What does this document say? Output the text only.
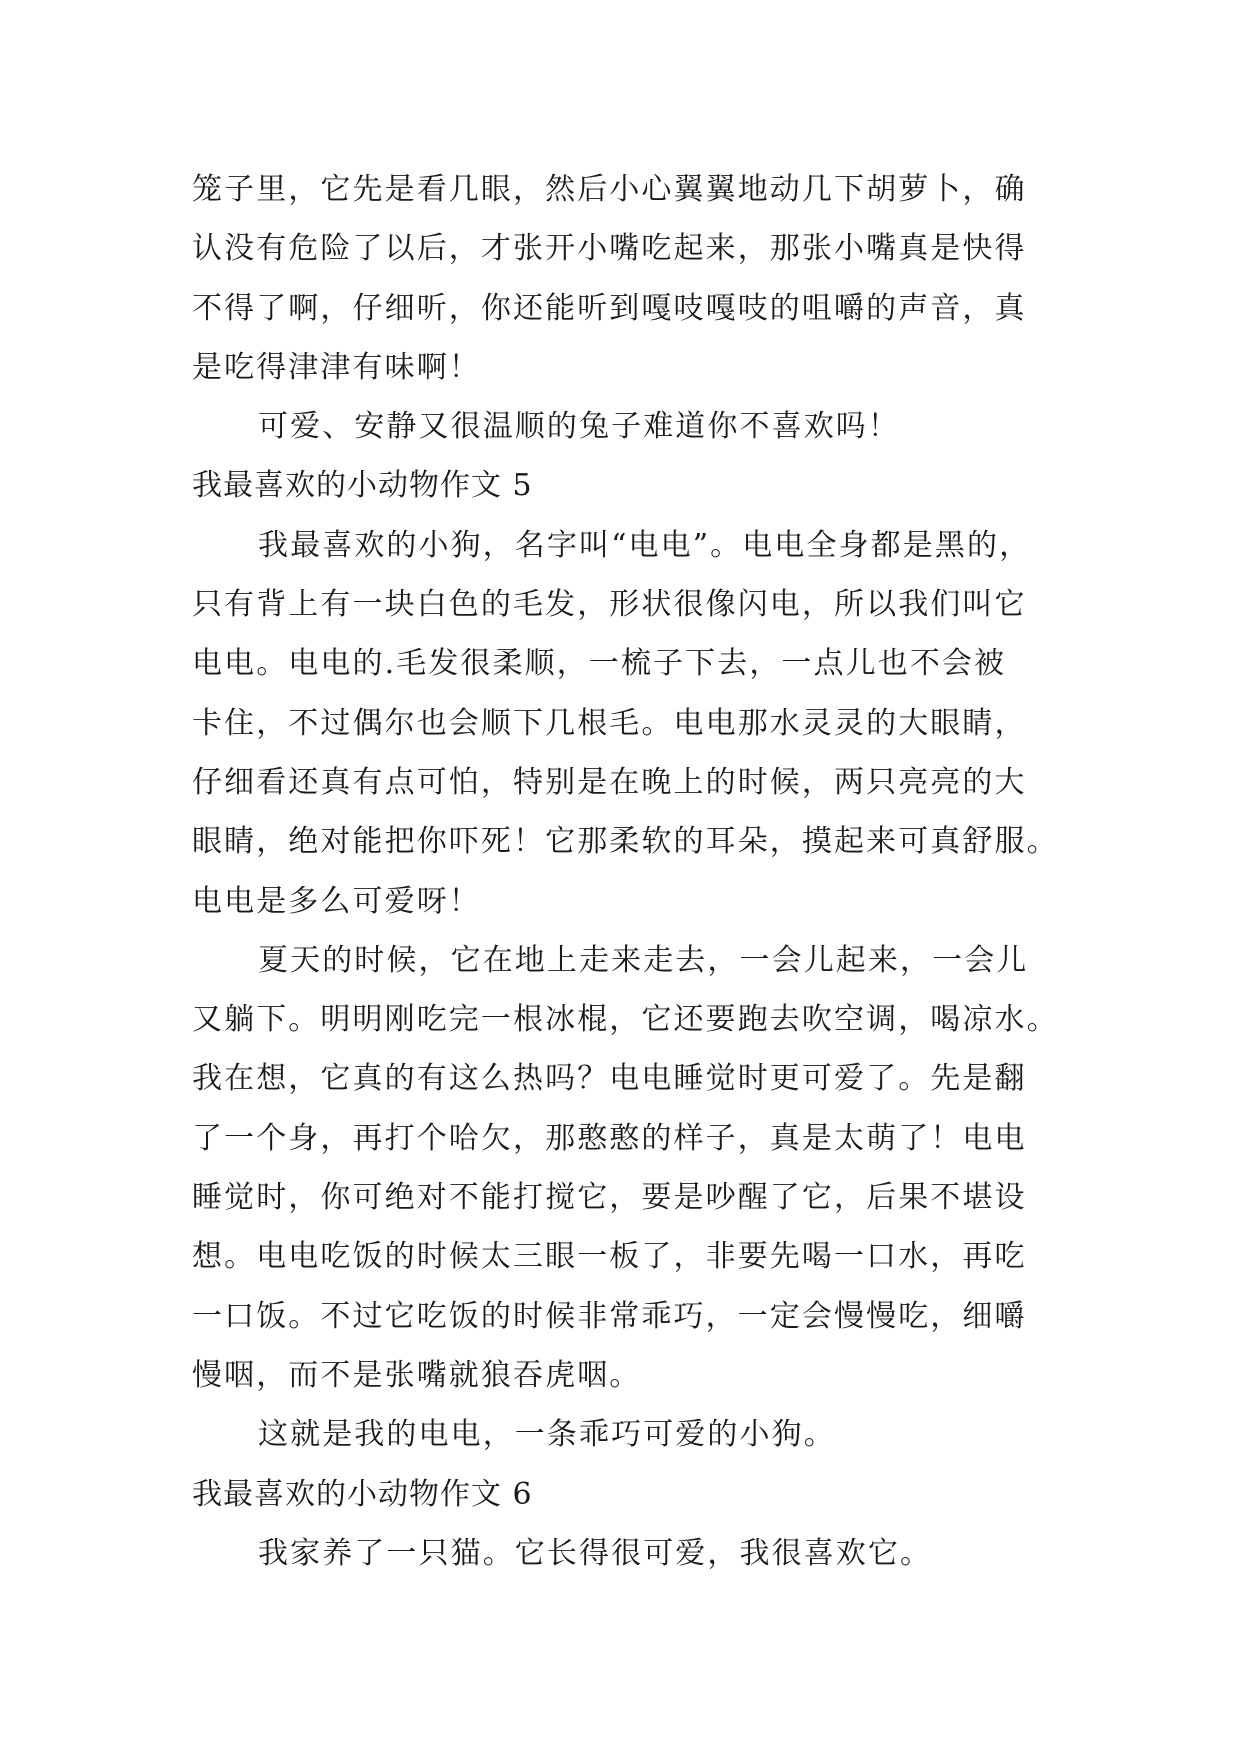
笼子里，它先是看几眼，然后小心翼翼地动几下胡萝卜，确
认没有危险了以后，才张开小嘴吃起来，那张小嘴真是快得
不得了啊，仔细听，你还能听到嘎吱嘎吱的咀嚼的声音，真
是吃得津津有味啊！
可爱、安静又很温顺的兔子难道你不喜欢吗！
我最喜欢的小动物作文 5
我最喜欢的小狗，名字叫“电电”。电电全身都是黑的，
只有背上有一块白色的毛发，形状很像闪电，所以我们叫它
电电。电电的.毛发很柔顺，一梳子下去，一点儿也不会被
卡住，不过偶尔也会顺下几根毛。电电那水灵灵的大眼睛，
仔细看还真有点可怕，特别是在晚上的时候，两只亮亮的大
眼睛，绝对能把你吓死！它那柔软的耳朵，摸起来可真舒服。
电电是多么可爱呀！
夏天的时候，它在地上走来走去，一会儿起来，一会儿
又躺下。明明刚吃完一根冰棍，它还要跑去吹空调，喝凉水。
我在想，它真的有这么热吗？电电睡觉时更可爱了。先是翻
了一个身，再打个哈欠，那憨憨的样子，真是太萌了！电电
睡觉时，你可绝对不能打搅它，要是吵醒了它，后果不堪设
想。电电吃饭的时候太三眼一板了，非要先喝一口水，再吃
一口饭。不过它吃饭的时候非常乖巧，一定会慢慢吃，细嚼
慢咽，而不是张嘴就狼吞虎咽。
这就是我的电电，一条乖巧可爱的小狗。
我最喜欢的小动物作文 6
我家养了一只猫。它长得很可爱，我很喜欢它。
